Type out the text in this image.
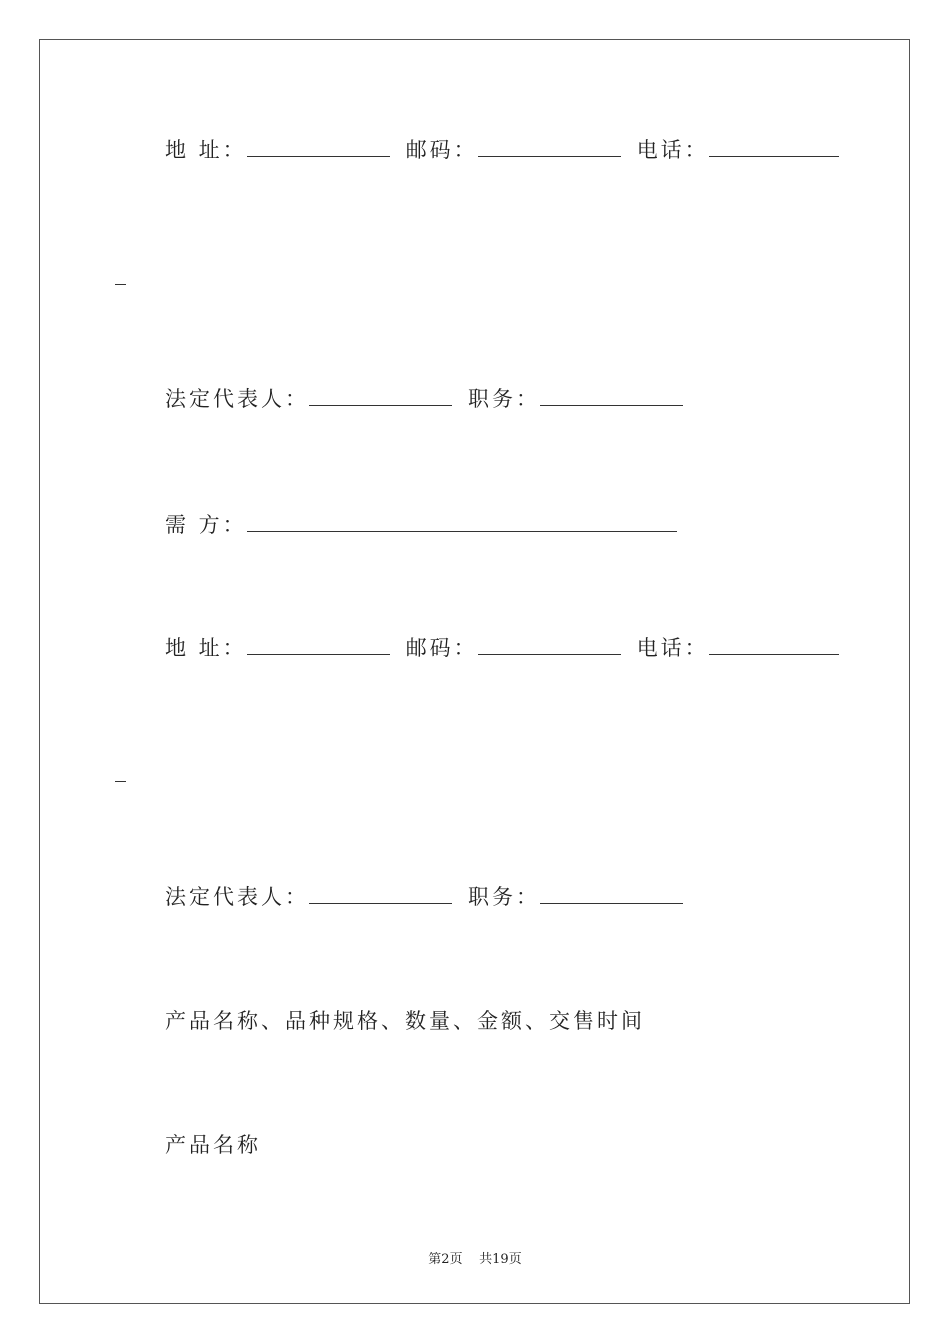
地 址：	邮码：	电话：
法定代表人：	职务：
需 方：
地 址：	邮码：	电话：
法定代表人：	职务：
产品名称、品种规格、数量、金额、交售时间
产品名称
第2页 共19页
